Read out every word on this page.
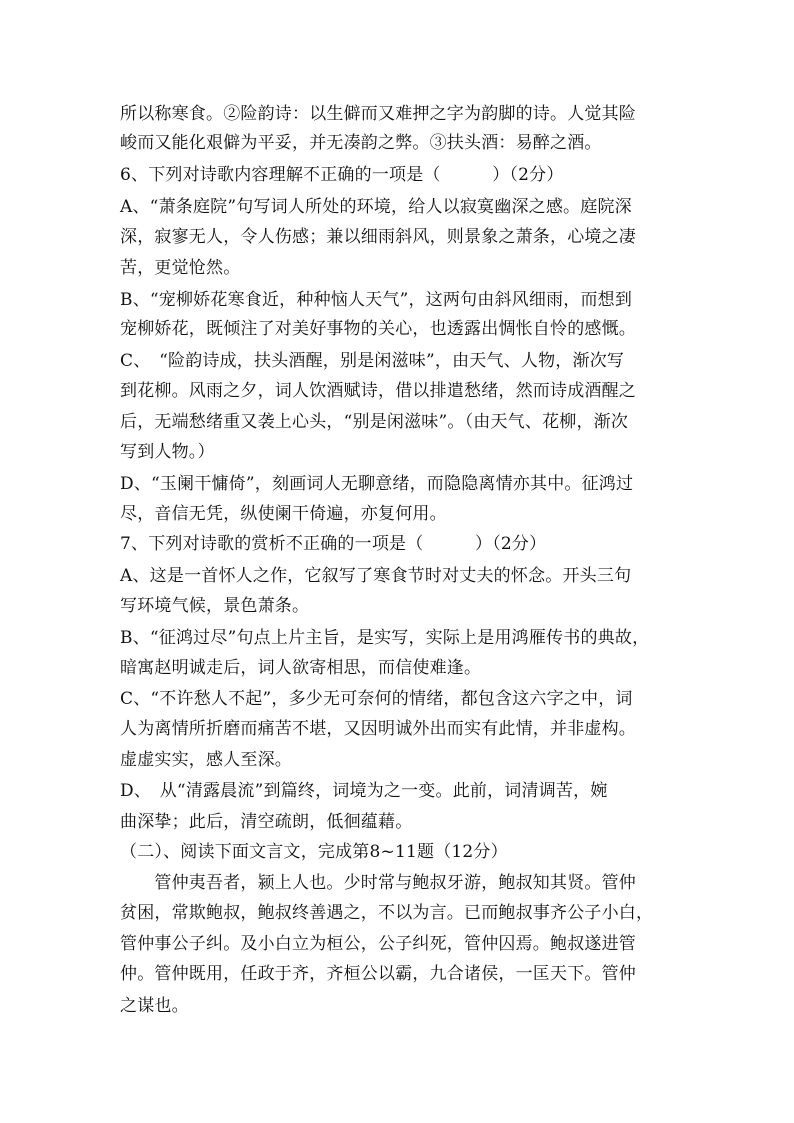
所以称寒食。②险韵诗：以生僻而又难押之字为韵脚的诗。人觉其险
峻而又能化艰僻为平妥，并无凑韵之弊。③扶头酒：易醉之酒。
6、下列对诗歌内容理解不正确的一项是（　　　）（2分）
A、“萧条庭院”句写词人所处的环境，给人以寂寞幽深之感。庭院深
深，寂寥无人，令人伤感；兼以细雨斜风，则景象之萧条，心境之凄
苦，更觉怆然。
B、“宠柳娇花寒食近，种种恼人天气”，这两句由斜风细雨，而想到
宠柳娇花，既倾注了对美好事物的关心，也透露出惆怅自怜的感慨。
C、　“险韵诗成，扶头酒醒，别是闲滋味”，由天气、人物，渐次写
到花柳。风雨之夕，词人饮酒赋诗，借以排遣愁绪，然而诗成酒醒之
后，无端愁绪重又袭上心头，“别是闲滋味”。（由天气、花柳，渐次
写到人物。）
D、“玉阑干慵倚”，刻画词人无聊意绪，而隐隐离情亦其中。征鸿过
尽，音信无凭，纵使阑干倚遍，亦复何用。
7、下列对诗歌的赏析不正确的一项是（　　　）（2分）
A、这是一首怀人之作，它叙写了寒食节时对丈夫的怀念。开头三句
写环境气候，景色萧条。
B、“征鸿过尽”句点上片主旨，是实写，实际上是用鸿雁传书的典故，
暗寓赵明诚走后，词人欲寄相思，而信使难逢。
C、“不许愁人不起”，多少无可奈何的情绪，都包含这六字之中，词
人为离情所折磨而痛苦不堪，又因明诚外出而实有此情，并非虚构。
虚虚实实，感人至深。
D、　从“清露晨流”到篇终，词境为之一变。此前，词清调苦，婉
曲深挚；此后，清空疏朗，低徊蕴藉。
（二）、阅读下面文言文，完成第8~11题（12分）
　　管仲夷吾者，颍上人也。少时常与鲍叔牙游，鲍叔知其贤。管仲
贫困，常欺鲍叔，鲍叔终善遇之，不以为言。已而鲍叔事齐公子小白，
管仲事公子纠。及小白立为桓公，公子纠死，管仲囚焉。鲍叔遂进管
仲。管仲既用，任政于齐，齐桓公以霸，九合诸侯，一匡天下。管仲
之谋也。
